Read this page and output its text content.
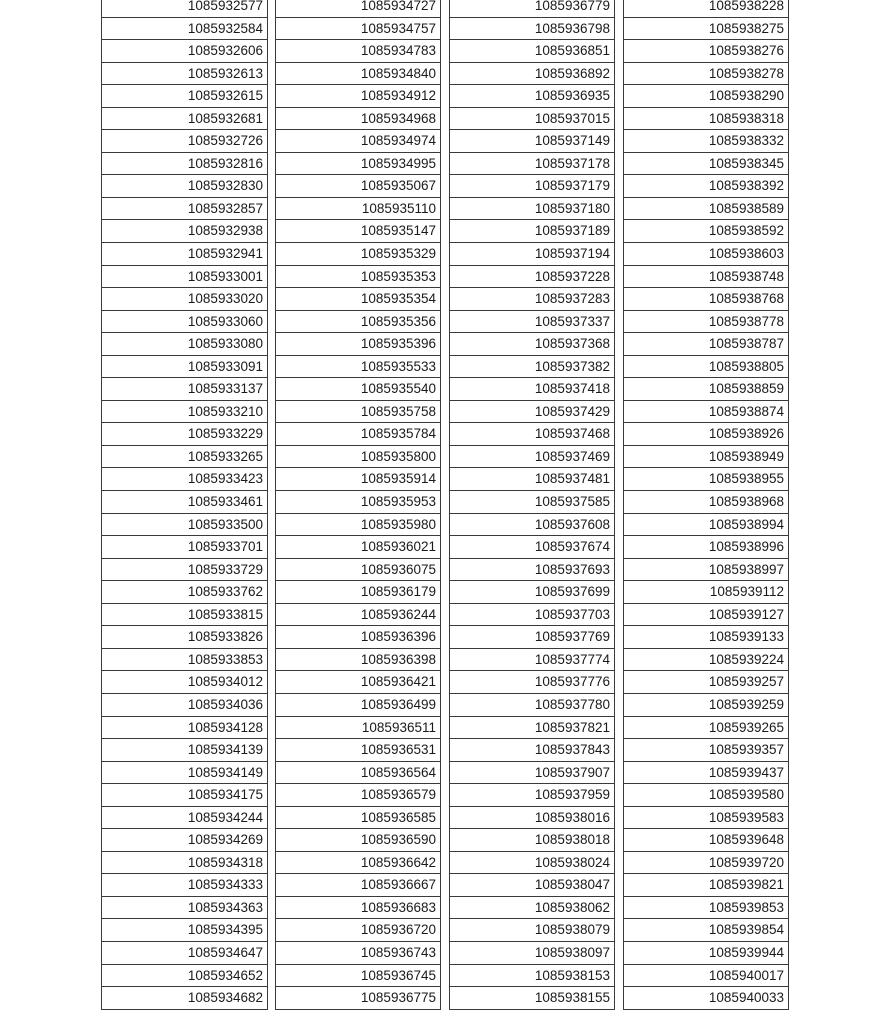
1085932577
1085932584
1085932606
1085932613
1085932615
1085932681
1085932726
1085932816
1085932830
1085932857
1085932938
1085932941
1085933001
1085933020
1085933060
1085933080
1085933091
1085933137
1085933210
1085933229
1085933265
1085933423
1085933461
1085933500
1085933701
1085933729
1085933762
1085933815
1085933826
1085933853
1085934012
1085934036
1085934128
1085934139
1085934149
1085934175
1085934244
1085934269
1085934318
1085934333
1085934363
1085934395
1085934647
1085934652
1085934682
1085934727
1085934757
1085934783
1085934840
1085934912
1085934968
1085934974
1085934995
1085935067
1085935110
1085935147
1085935329
1085935353
1085935354
1085935356
1085935396
1085935533
1085935540
1085935758
1085935784
1085935800
1085935914
1085935953
1085935980
1085936021
1085936075
1085936179
1085936244
1085936396
1085936398
1085936421
1085936499
1085936511
1085936531
1085936564
1085936579
1085936585
1085936590
1085936642
1085936667
1085936683
1085936720
1085936743
1085936745
1085936775
1085936779
1085936798
1085936851
1085936892
1085936935
1085937015
1085937149
1085937178
1085937179
1085937180
1085937189
1085937194
1085937228
1085937283
1085937337
1085937368
1085937382
1085937418
1085937429
1085937468
1085937469
1085937481
1085937585
1085937608
1085937674
1085937693
1085937699
1085937703
1085937769
1085937774
1085937776
1085937780
1085937821
1085937843
1085937907
1085937959
1085938016
1085938018
1085938024
1085938047
1085938062
1085938079
1085938097
1085938153
1085938155
1085938228
1085938275
1085938276
1085938278
1085938290
1085938318
1085938332
1085938345
1085938392
1085938589
1085938592
1085938603
1085938748
1085938768
1085938778
1085938787
1085938805
1085938859
1085938874
1085938926
1085938949
1085938955
1085938968
1085938994
1085938996
1085938997
1085939112
1085939127
1085939133
1085939224
1085939257
1085939259
1085939265
1085939357
1085939437
1085939580
1085939583
1085939648
1085939720
1085939821
1085939853
1085939854
1085939944
1085940017
1085940033
